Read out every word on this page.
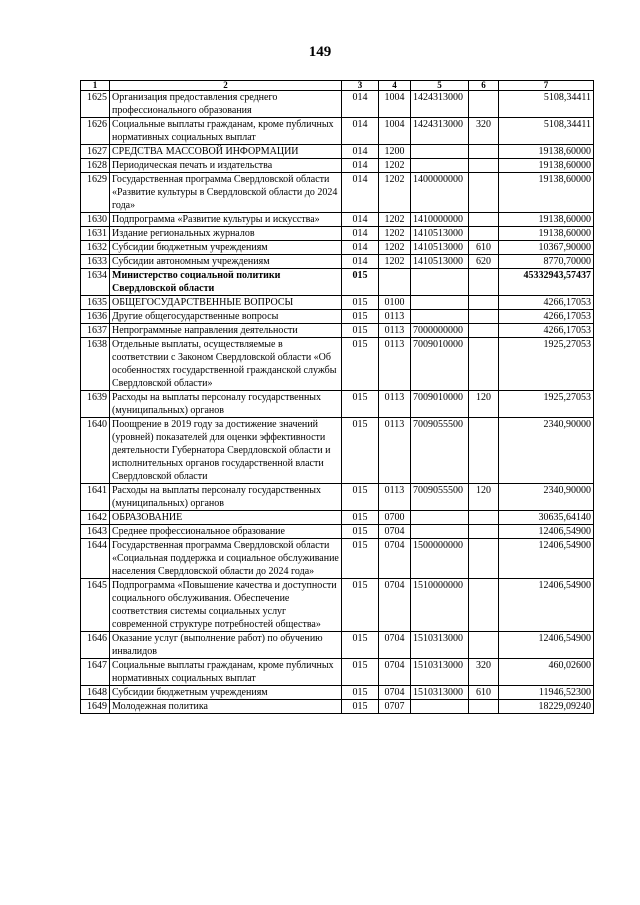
149
1	2	3	4	5	6	7
1625	Организация предоставления среднего профессионального образования	014	1004	1424313000		5108,34411
1626	Социальные выплаты гражданам, кроме публичных нормативных социальных выплат	014	1004	1424313000	320	5108,34411
1627	СРЕДСТВА МАССОВОЙ ИНФОРМАЦИИ	014	1200			19138,60000
1628	Периодическая печать и издательства	014	1202			19138,60000
1629	Государственная программа Свердловской области «Развитие культуры в Свердловской области до 2024 года»	014	1202	1400000000		19138,60000
1630	Подпрограмма «Развитие культуры и искусства»	014	1202	1410000000		19138,60000
1631	Издание региональных журналов	014	1202	1410513000		19138,60000
1632	Субсидии бюджетным учреждениям	014	1202	1410513000	610	10367,90000
1633	Субсидии автономным учреждениям	014	1202	1410513000	620	8770,70000
1634	Министерство социальной политики Свердловской области	015				45332943,57437
1635	ОБЩЕГОСУДАРСТВЕННЫЕ ВОПРОСЫ	015	0100			4266,17053
1636	Другие общегосударственные вопросы	015	0113			4266,17053
1637	Непрограммные направления деятельности	015	0113	7000000000		4266,17053
1638	Отдельные выплаты, осуществляемые в соответствии с Законом Свердловской области «Об особенностях государственной гражданской службы Свердловской области»	015	0113	7009010000		1925,27053
1639	Расходы на выплаты персоналу государственных (муниципальных) органов	015	0113	7009010000	120	1925,27053
1640	Поощрение в 2019 году за достижение значений (уровней) показателей для оценки эффективности деятельности Губернатора Свердловской области и исполнительных органов государственной власти Свердловской области	015	0113	7009055500		2340,90000
1641	Расходы на выплаты персоналу государственных (муниципальных) органов	015	0113	7009055500	120	2340,90000
1642	ОБРАЗОВАНИЕ	015	0700			30635,64140
1643	Среднее профессиональное образование	015	0704			12406,54900
1644	Государственная программа Свердловской области «Социальная поддержка и социальное обслуживание населения Свердловской области до 2024 года»	015	0704	1500000000		12406,54900
1645	Подпрограмма «Повышение качества и доступности социального обслуживания. Обеспечение соответствия системы социальных услуг современной структуре потребностей общества»	015	0704	1510000000		12406,54900
1646	Оказание услуг (выполнение работ) по обучению инвалидов	015	0704	1510313000		12406,54900
1647	Социальные выплаты гражданам, кроме публичных нормативных социальных выплат	015	0704	1510313000	320	460,02600
1648	Субсидии бюджетным учреждениям	015	0704	1510313000	610	11946,52300
1649	Молодежная политика	015	0707			18229,09240
